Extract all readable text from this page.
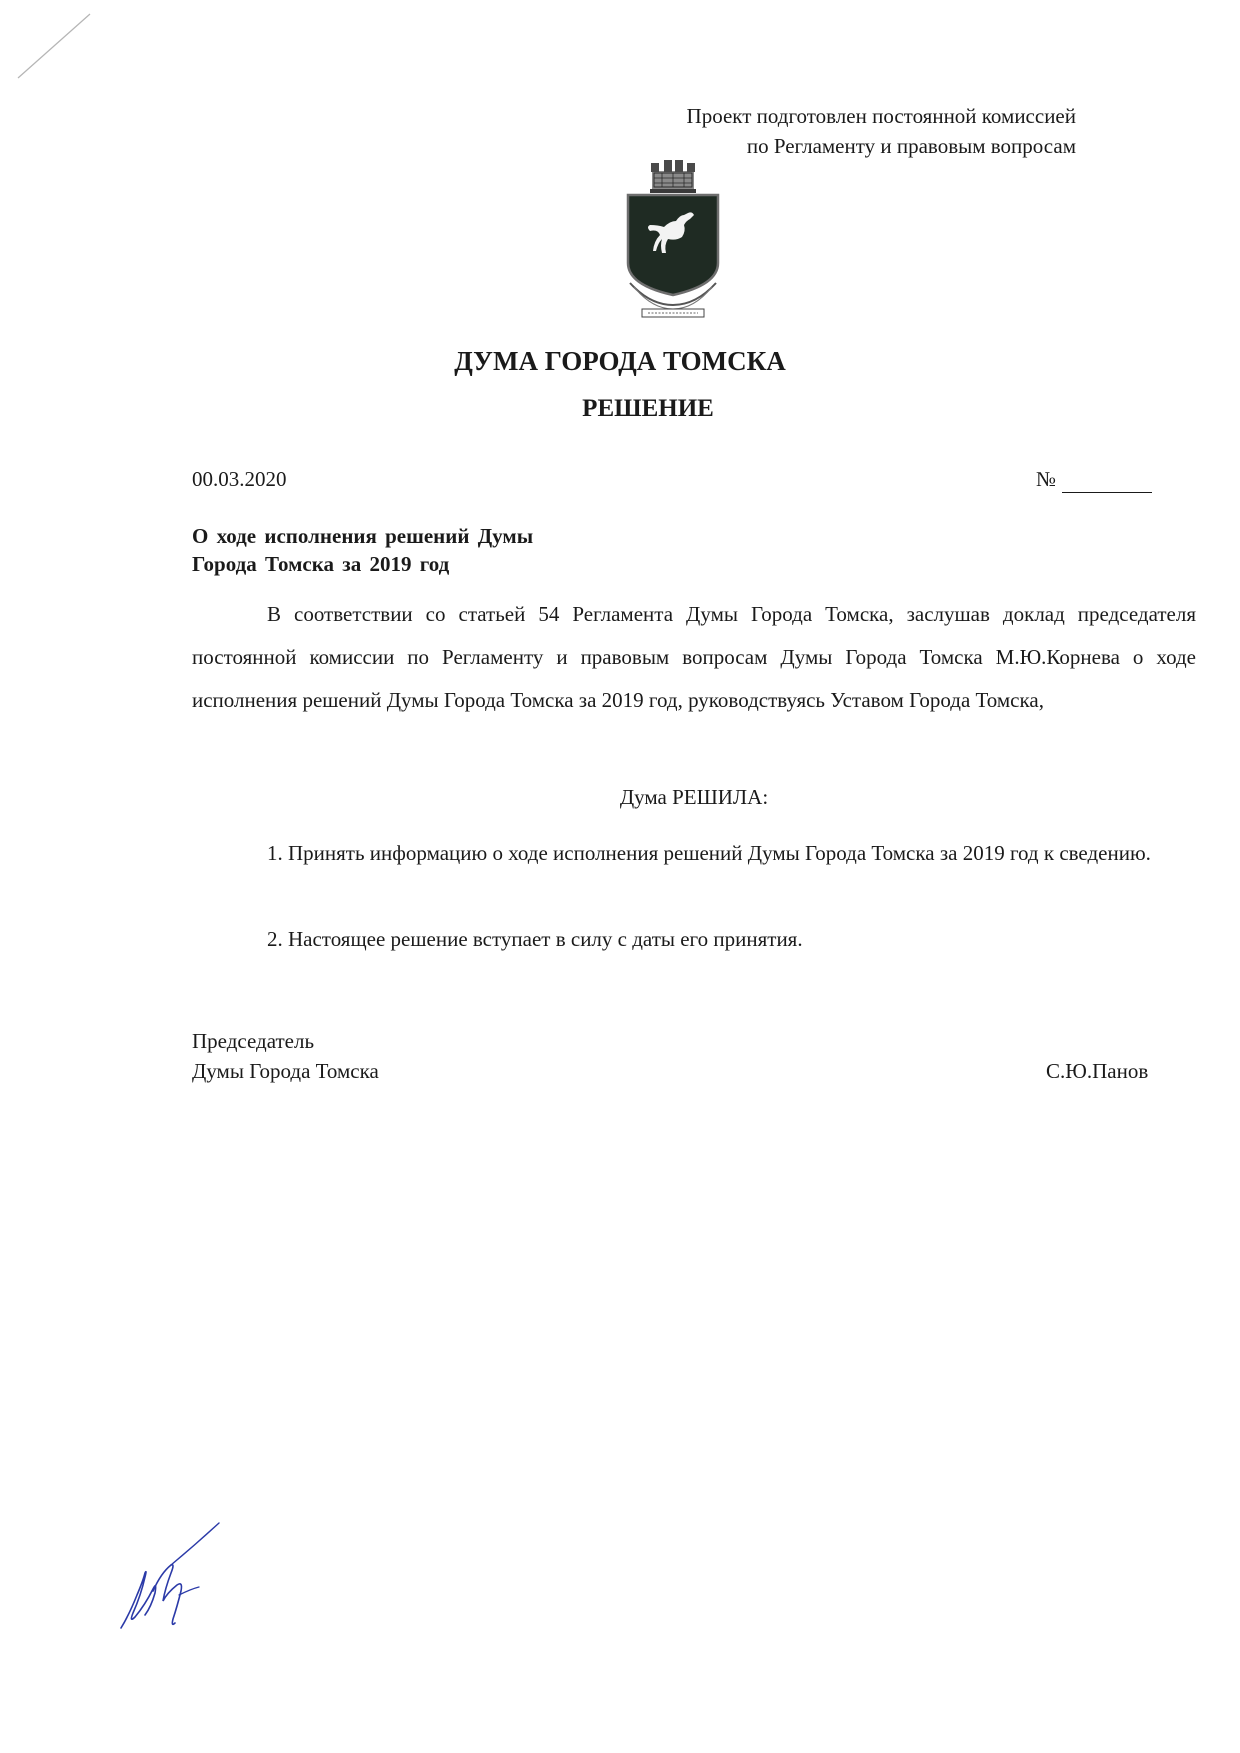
Проект подготовлен постоянной комиссией
по Регламенту и правовым вопросам
ДУМА ГОРОДА ТОМСКА
РЕШЕНИЕ
00.03.2020	№
О ходе исполнения решений Думы
Города Томска за 2019 год
В соответствии со статьей 54 Регламента Думы Города Томска, заслушав доклад председателя постоянной комиссии по Регламенту и правовым вопросам Думы Города Томска М.Ю.Корнева о ходе исполнения решений Думы Города Томска за 2019 год, руководствуясь Уставом Города Томска,
Дума РЕШИЛА:
1. Принять информацию о ходе исполнения решений Думы Города Томска за 2019 год к сведению.
2. Настоящее решение вступает в силу с даты его принятия.
Председатель
Думы Города Томска	С.Ю.Панов
